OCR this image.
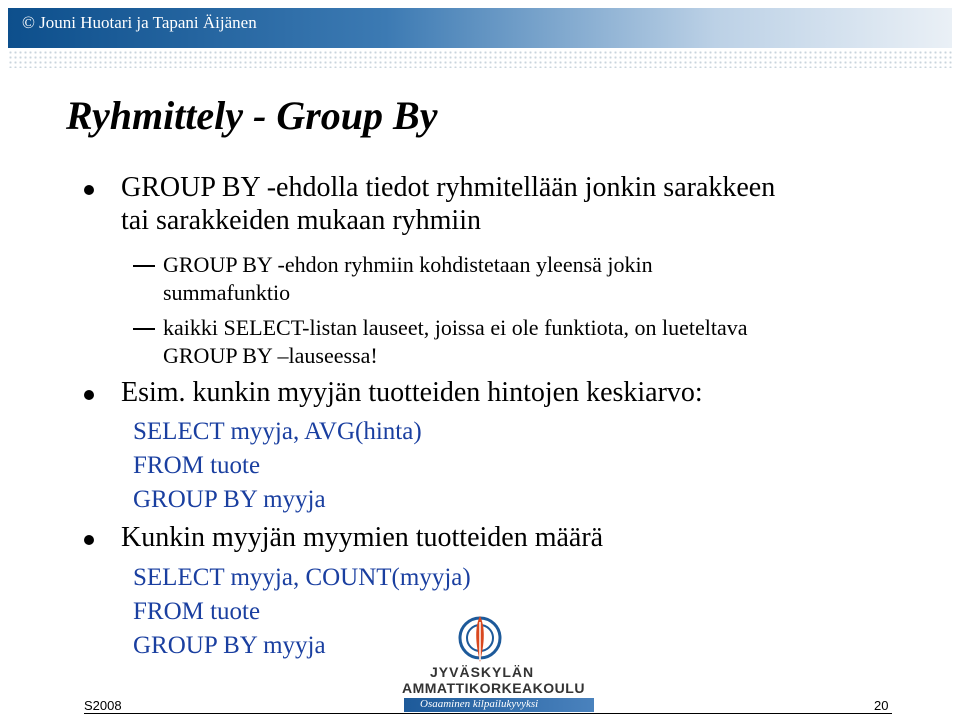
© Jouni Huotari ja Tapani Äijänen
Ryhmittely - Group By
GROUP BY -ehdolla tiedot ryhmitellään jonkin sarakkeen
tai sarakkeiden mukaan ryhmiin
GROUP BY -ehdon ryhmiin kohdistetaan yleensä jokin
summafunktio
kaikki SELECT-listan lauseet, joissa ei ole funktiota, on lueteltava
GROUP BY –lauseessa!
Esim. kunkin myyjän tuotteiden hintojen keskiarvo:
SELECT myyja, AVG(hinta)
FROM tuote
GROUP BY myyja
Kunkin myyjän myymien tuotteiden määrä
SELECT myyja, COUNT(myyja)
FROM tuote
GROUP BY myyja
JYVÄSKYLÄN
AMMATTIKORKEAKOULU
Osaaminen kilpailukyvyksi
S2008	20
